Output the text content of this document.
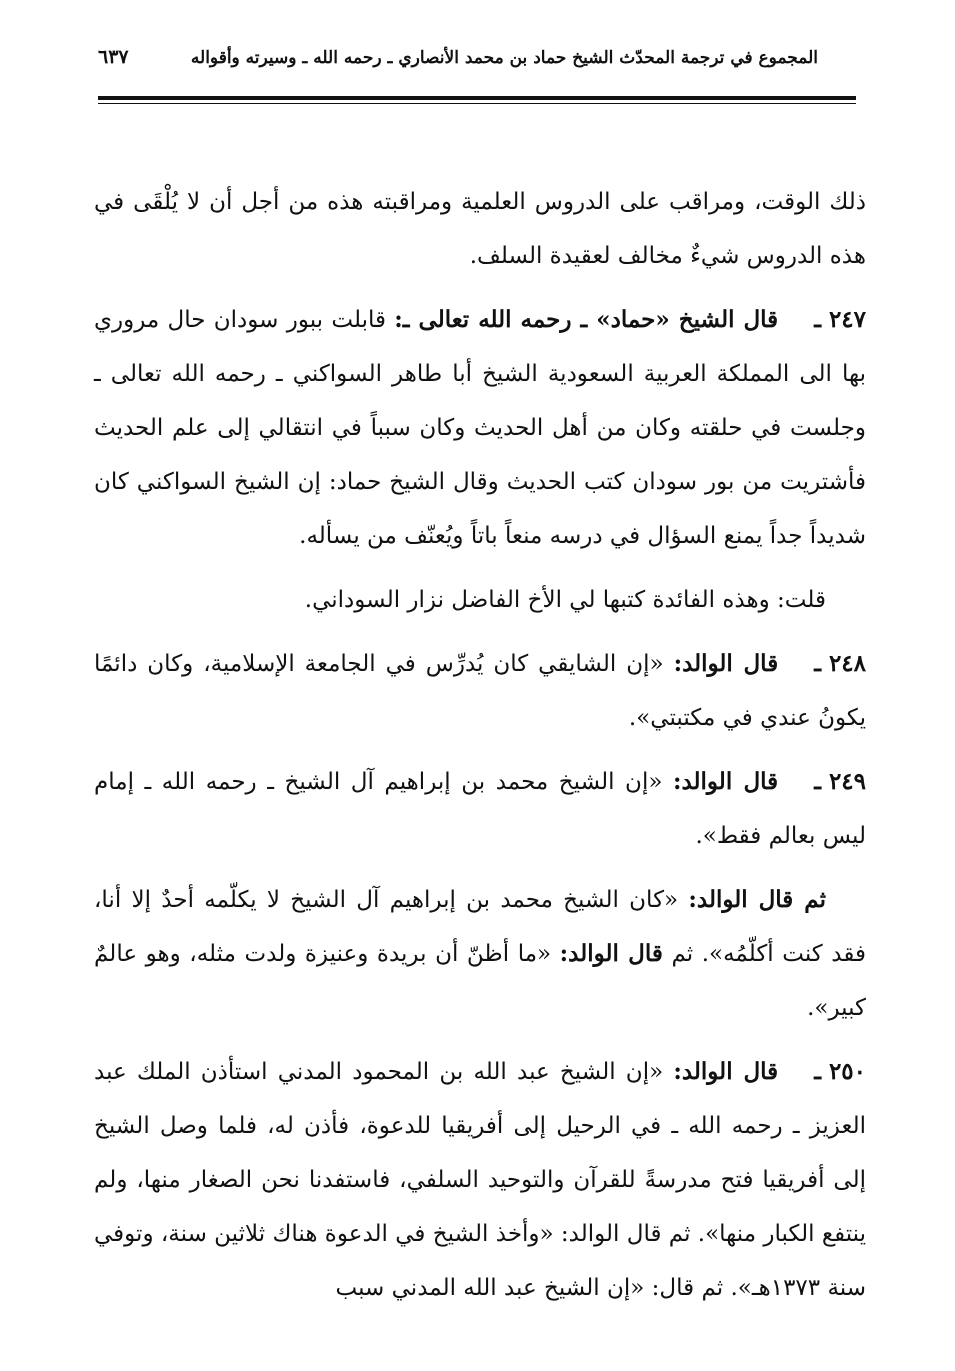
المجموع في ترجمة المحدّث الشيخ حماد بن محمد الأنصاري ـ رحمه الله ـ وسيرته وأقواله
٦٣٧

ذلك الوقت، ومراقب على الدروس العلمية ومراقبته هذه من أجل أن لا يُلْقَى في هذه الدروس شيءٌ مخالف لعقيدة السلف.

٢٤٧ ـقال الشيخ «حماد» ـ رحمه الله تعالى ـ: قابلت ببور سودان حال مروري بها الى المملكة العربية السعودية الشيخ أبا طاهر السواكني ـ رحمه الله تعالى ـ وجلست في حلقته وكان من أهل الحديث وكان سبباً في انتقالي إلى علم الحديث فأشتريت من بور سودان كتب الحديث وقال الشيخ حماد: إن الشيخ السواكني كان شديداً جداً يمنع السؤال في درسه منعاً باتاً ويُعنّف من يسأله.

قلت: وهذه الفائدة كتبها لي الأخ الفاضل نزار السوداني.

٢٤٨ ـقال الوالد: «إن الشايقي كان يُدرِّس في الجامعة الإسلامية، وكان دائمًا يكونُ عندي في مكتبتي».

٢٤٩ ـقال الوالد: «إن الشيخ محمد بن إبراهيم آل الشيخ ـ رحمه الله ـ إمام ليس بعالم فقط».

ثم قال الوالد: «كان الشيخ محمد بن إبراهيم آل الشيخ لا يكلّمه أحدٌ إلا أنا، فقد كنت أكلّمُه». ثم قال الوالد: «ما أظنّ أن بريدة وعنيزة ولدت مثله، وهو عالمٌ كبير».

٢٥٠ ـقال الوالد: «إن الشيخ عبد الله بن المحمود المدني استأذن الملك عبد العزيز ـ رحمه الله ـ في الرحيل إلى أفريقيا للدعوة، فأذن له، فلما وصل الشيخ إلى أفريقيا فتح مدرسةً للقرآن والتوحيد السلفي، فاستفدنا نحن الصغار منها، ولم ينتفع الكبار منها». ثم قال الوالد: «وأخذ الشيخ في الدعوة هناك ثلاثين سنة، وتوفي سنة ١٣٧٣هـ». ثم قال: «إن الشيخ عبد الله المدني سبب
